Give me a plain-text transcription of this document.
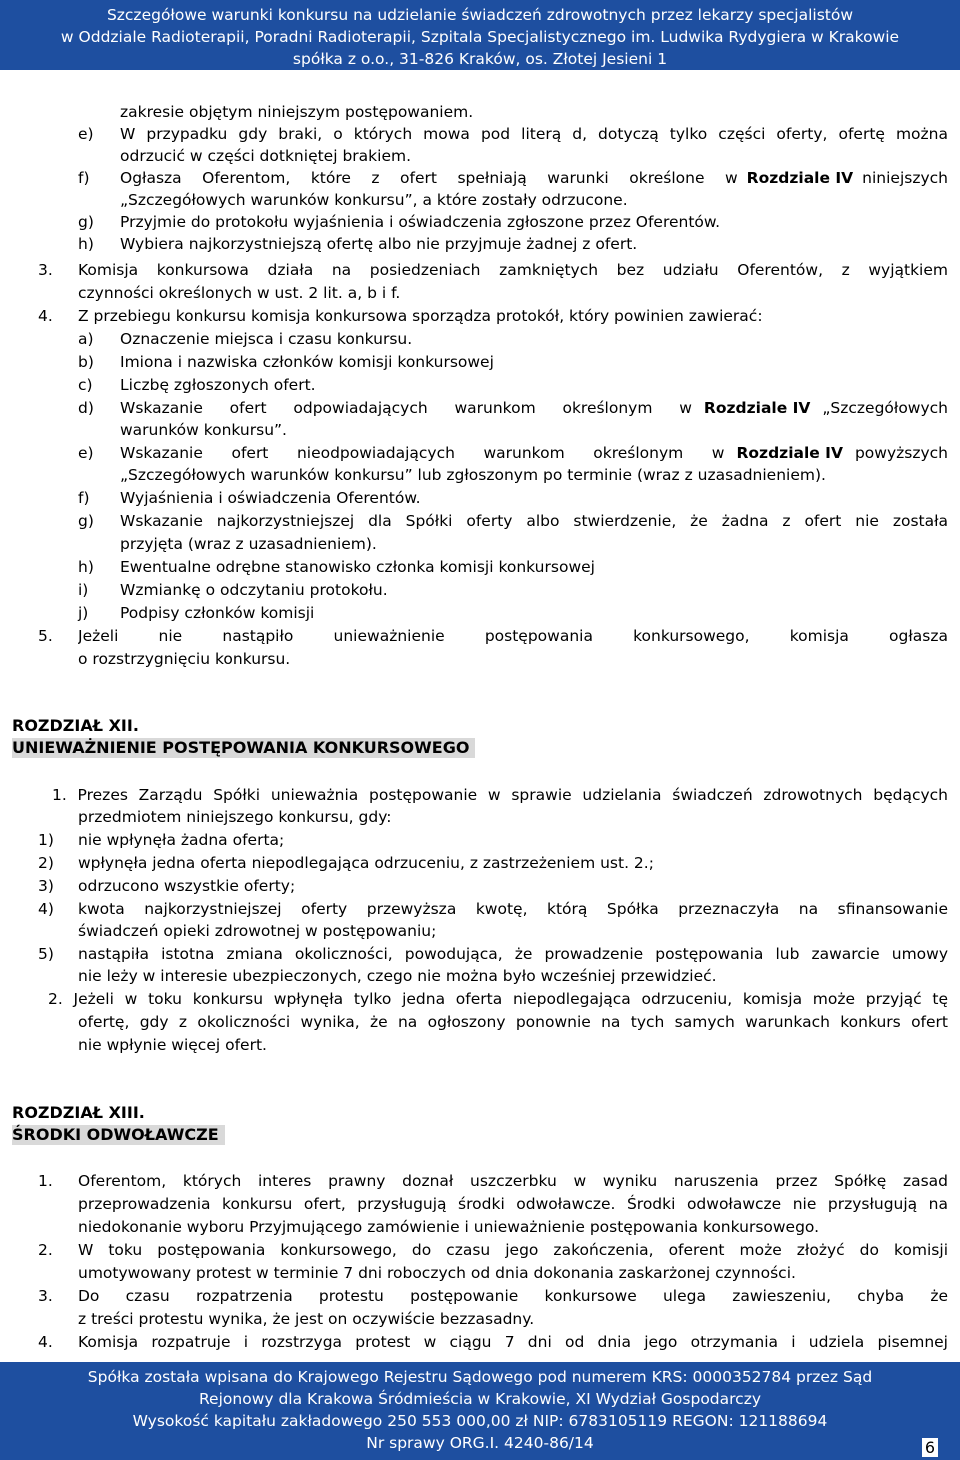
Szczegółowe warunki konkursu na udzielanie świadczeń zdrowotnych przez lekarzy specjalistów
w Oddziale Radioterapii, Poradni Radioterapii, Szpitala Specjalistycznego im. Ludwika Rydygiera w Krakowie
spółka z o.o., 31-826 Kraków, os. Złotej Jesieni 1
zakresie objętym niniejszym postępowaniem.
e) W przypadku gdy braki, o których mowa pod literą d, dotyczą tylko części oferty, ofertę można
odrzucić w części dotkniętej brakiem.
f) Ogłasza Oferentom, które z ofert spełniają warunki określone w Rozdziale IV niniejszych
„Szczegółowych warunków konkursu”, a które zostały odrzucone.
g) Przyjmie do protokołu wyjaśnienia i oświadczenia zgłoszone przez Oferentów.
h) Wybiera najkorzystniejszą ofertę albo nie przyjmuje żadnej z ofert.
3. Komisja konkursowa działa na posiedzeniach zamkniętych bez udziału Oferentów, z wyjątkiem
czynności określonych w ust. 2 lit. a, b i f.
4. Z przebiegu konkursu komisja konkursowa sporządza protokół, który powinien zawierać:
a) Oznaczenie miejsca i czasu konkursu.
b) Imiona i nazwiska członków komisji konkursowej
c) Liczbę zgłoszonych ofert.
d) Wskazanie ofert odpowiadających warunkom określonym w Rozdziale IV „Szczegółowych
warunków konkursu”.
e) Wskazanie ofert nieodpowiadających warunkom określonym w Rozdziale IV powyższych
„Szczegółowych warunków konkursu” lub zgłoszonym po terminie (wraz z uzasadnieniem).
f) Wyjaśnienia i oświadczenia Oferentów.
g) Wskazanie najkorzystniejszej dla Spółki oferty albo stwierdzenie, że żadna z ofert nie została
przyjęta (wraz z uzasadnieniem).
h) Ewentualne odrębne stanowisko członka komisji konkursowej
i) Wzmiankę o odczytaniu protokołu.
j) Podpisy członków komisji
5. Jeżeli nie nastąpiło unieważnienie postępowania konkursowego, komisja ogłasza
o rozstrzygnięciu konkursu.
ROZDZIAŁ XII.
UNIEWAŻNIENIE POSTĘPOWANIA KONKURSOWEGO
1. Prezes Zarządu Spółki unieważnia postępowanie w sprawie udzielania świadczeń zdrowotnych będących
przedmiotem niniejszego konkursu, gdy:
1) nie wpłynęła żadna oferta;
2) wpłynęła jedna oferta niepodlegająca odrzuceniu, z zastrzeżeniem ust. 2.;
3) odrzucono wszystkie oferty;
4) kwota najkorzystniejszej oferty przewyższa kwotę, którą Spółka przeznaczyła na sfinansowanie
świadczeń opieki zdrowotnej w postępowaniu;
5) nastąpiła istotna zmiana okoliczności, powodująca, że prowadzenie postępowania lub zawarcie umowy
nie leży w interesie ubezpieczonych, czego nie można było wcześniej przewidzieć.
2. Jeżeli w toku konkursu wpłynęła tylko jedna oferta niepodlegająca odrzuceniu, komisja może przyjąć tę
ofertę, gdy z okoliczności wynika, że na ogłoszony ponownie na tych samych warunkach konkurs ofert
nie wpłynie więcej ofert.
ROZDZIAŁ XIII.
ŚRODKI ODWOŁAWCZE
1. Oferentom, których interes prawny doznał uszczerbku w wyniku naruszenia przez Spółkę zasad
przeprowadzenia konkursu ofert, przysługują środki odwoławcze. Środki odwoławcze nie przysługują na
niedokonanie wyboru Przyjmującego zamówienie i unieważnienie postępowania konkursowego.
2. W toku postępowania konkursowego, do czasu jego zakończenia, oferent może złożyć do komisji
umotywowany protest w terminie 7 dni roboczych od dnia dokonania zaskarżonej czynności.
3. Do czasu rozpatrzenia protestu postępowanie konkursowe ulega zawieszeniu, chyba że
z treści protestu wynika, że jest on oczywiście bezzasadny.
4. Komisja rozpatruje i rozstrzyga protest w ciągu 7 dni od dnia jego otrzymania i udziela pisemnej
Spółka została wpisana do Krajowego Rejestru Sądowego pod numerem KRS: 0000352784 przez Sąd
Rejonowy dla Krakowa Śródmieścia w Krakowie, XI Wydział Gospodarczy
Wysokość kapitału zakładowego 250 553 000,00 zł NIP: 6783105119 REGON: 121188694
Nr sprawy ORG.I. 4240-86/14	6
